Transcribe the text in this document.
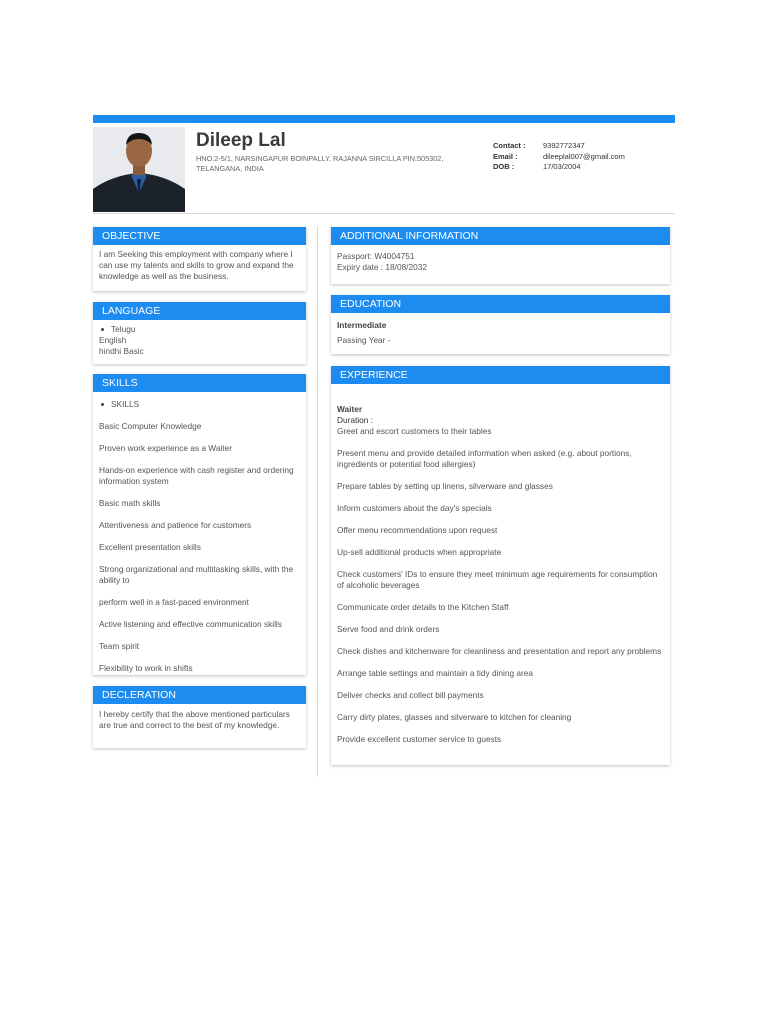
Dileep Lal
HNO:2-5/1, NARSINGAPUR BOINPALLY, RAJANNA SIRCILLA PIN:505302, TELANGANA, INDIA
Contact :	9392772347
Email :	dileeplal007@gmail.com
DOB :	17/03/2004
OBJECTIVE
I am Seeking this employment with company where I can use my talents and skills to grow and expand the knowledge as well as the business.
LANGUAGE
Telugu
English
hindhi Basic
SKILLS

SKILLS

Basic Computer Knowledge

Proven work experience as a Waiter

Hands-on experience with cash register and ordering information system

Basic math skills

Attentiveness and patience for customers

Excellent presentation skills

Strong organizational and multitasking skills, with the ability to

perform well in a fast-paced environment

Active listening and effective communication skills

Team spirit

Flexibility to work in shifts

DECLERATION
I hereby certify that the above mentioned particulars are true and correct to the best of my knowledge.
ADDITIONAL INFORMATION
Passport: W4004751
Expiry date : 18/08/2032
EDUCATION
Intermediate
Passing Year -
EXPERIENCE
Waiter
Duration :

Greet and escort customers to their tables

Present menu and provide detailed information when asked (e.g. about portions, ingredients or potential food allergies)

Prepare tables by setting up linens, silverware and glasses

Inform customers about the day's specials

Offer menu recommendations upon request

Up-sell additional products when appropriate

Check customers' IDs to ensure they meet minimum age requirements for consumption of alcoholic beverages

Communicate order details to the Kitchen Staff

Serve food and drink orders

Check dishes and kitchenware for cleanliness and presentation and report any problems

Arrange table settings and maintain a tidy dining area

Deliver checks and collect bill payments

Carry dirty plates, glasses and silverware to kitchen for cleaning

Provide excellent customer service to guests
